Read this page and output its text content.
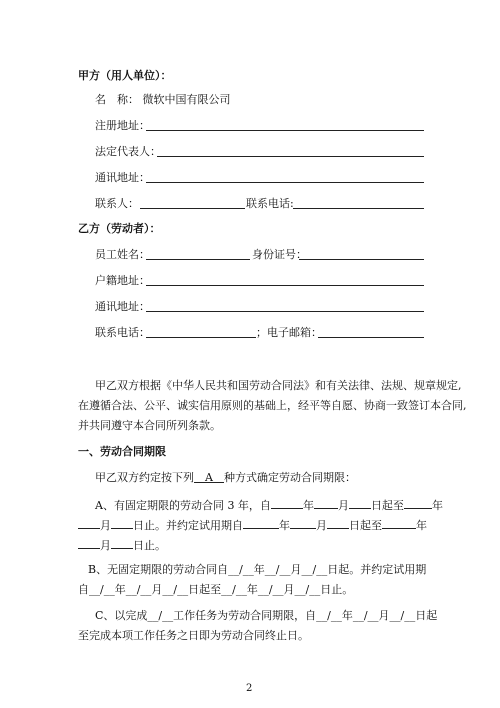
甲方（用人单位）：
名　称： 微软中国有限公司
注册地址：
法定代表人：
通讯地址：
联系人：	联系电话:
乙方（劳动者）：
员工姓名：	身份证号：
户籍地址：
通讯地址：
联系电话：	；电子邮箱：
甲乙双方根据《中华人民共和国劳动合同法》和有关法律、法规、规章规定,
在遵循合法、公平、诚实信用原则的基础上，经平等自愿、协商一致签订本合同,
并共同遵守本合同所列条款。
一、劳动合同期限
甲乙双方约定按下列 A 种方式确定劳动合同期限：
A、有固定期限的劳动合同 3 年，自	年 月 日起至	年
月 日止。并约定试用期自	年 月 日起至	年
月 日止。
B、无固定期限的劳动合同自__/__年__/__月__/__日起。并约定试用期
自__/__年__/__月__/__日起至__/__年__/__月__/__日止。
C、以完成__/__工作任务为劳动合同期限，自__/__年__/__月__/__日起
至完成本项工作任务之日即为劳动合同终止日。
2
